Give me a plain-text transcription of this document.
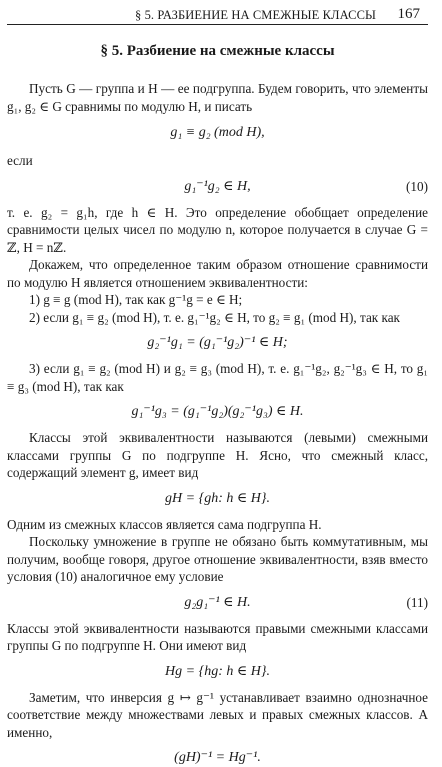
§ 5. РАЗБИЕНИЕ НА СМЕЖНЫЕ КЛАССЫ 167
§ 5. Разбиение на смежные классы

Пусть G — группа и H — ее подгруппа. Будем говорить, что элементы g₁, g₂ ∈ G сравнимы по модулю H, и писать

g₁ ≡ g₂ (mod H),

если

g₁⁻¹g₂ ∈ H,	(10)

т. е. g₂ = g₁h, где h ∈ H. Это определение обобщает определение сравнимости целых чисел по модулю n, которое получается в случае G = ℤ, H = nℤ.

Докажем, что определенное таким образом отношение сравнимости по модулю H является отношением эквивалентности:

1) g ≡ g (mod H), так как g⁻¹g = e ∈ H;

2) если g₁ ≡ g₂ (mod H), т. е. g₁⁻¹g₂ ∈ H, то g₂ ≡ g₁ (mod H), так как

g₂⁻¹g₁ = (g₁⁻¹g₂)⁻¹ ∈ H;

3) если g₁ ≡ g₂ (mod H) и g₂ ≡ g₃ (mod H), т. е. g₁⁻¹g₂, g₂⁻¹g₃ ∈ H, то g₁ ≡ g₃ (mod H), так как

g₁⁻¹g₃ = (g₁⁻¹g₂)(g₂⁻¹g₃) ∈ H.

Классы этой эквивалентности называются (левыми) смежными классами группы G по подгруппе H. Ясно, что смежный класс, содержащий элемент g, имеет вид

gH = {gh: h ∈ H}.

Одним из смежных классов является сама подгруппа H.

Поскольку умножение в группе не обязано быть коммутативным, мы получим, вообще говоря, другое отношение эквивалентности, взяв вместо условия (10) аналогичное ему условие

g₂g₁⁻¹ ∈ H.	(11)

Классы этой эквивалентности называются правыми смежными классами группы G по подгруппе H. Они имеют вид

Hg = {hg: h ∈ H}.

Заметим, что инверсия g ↦ g⁻¹ устанавливает взаимно однозначное соответствие между множествами левых и правых смежных классов. А именно,

(gH)⁻¹ = Hg⁻¹.
